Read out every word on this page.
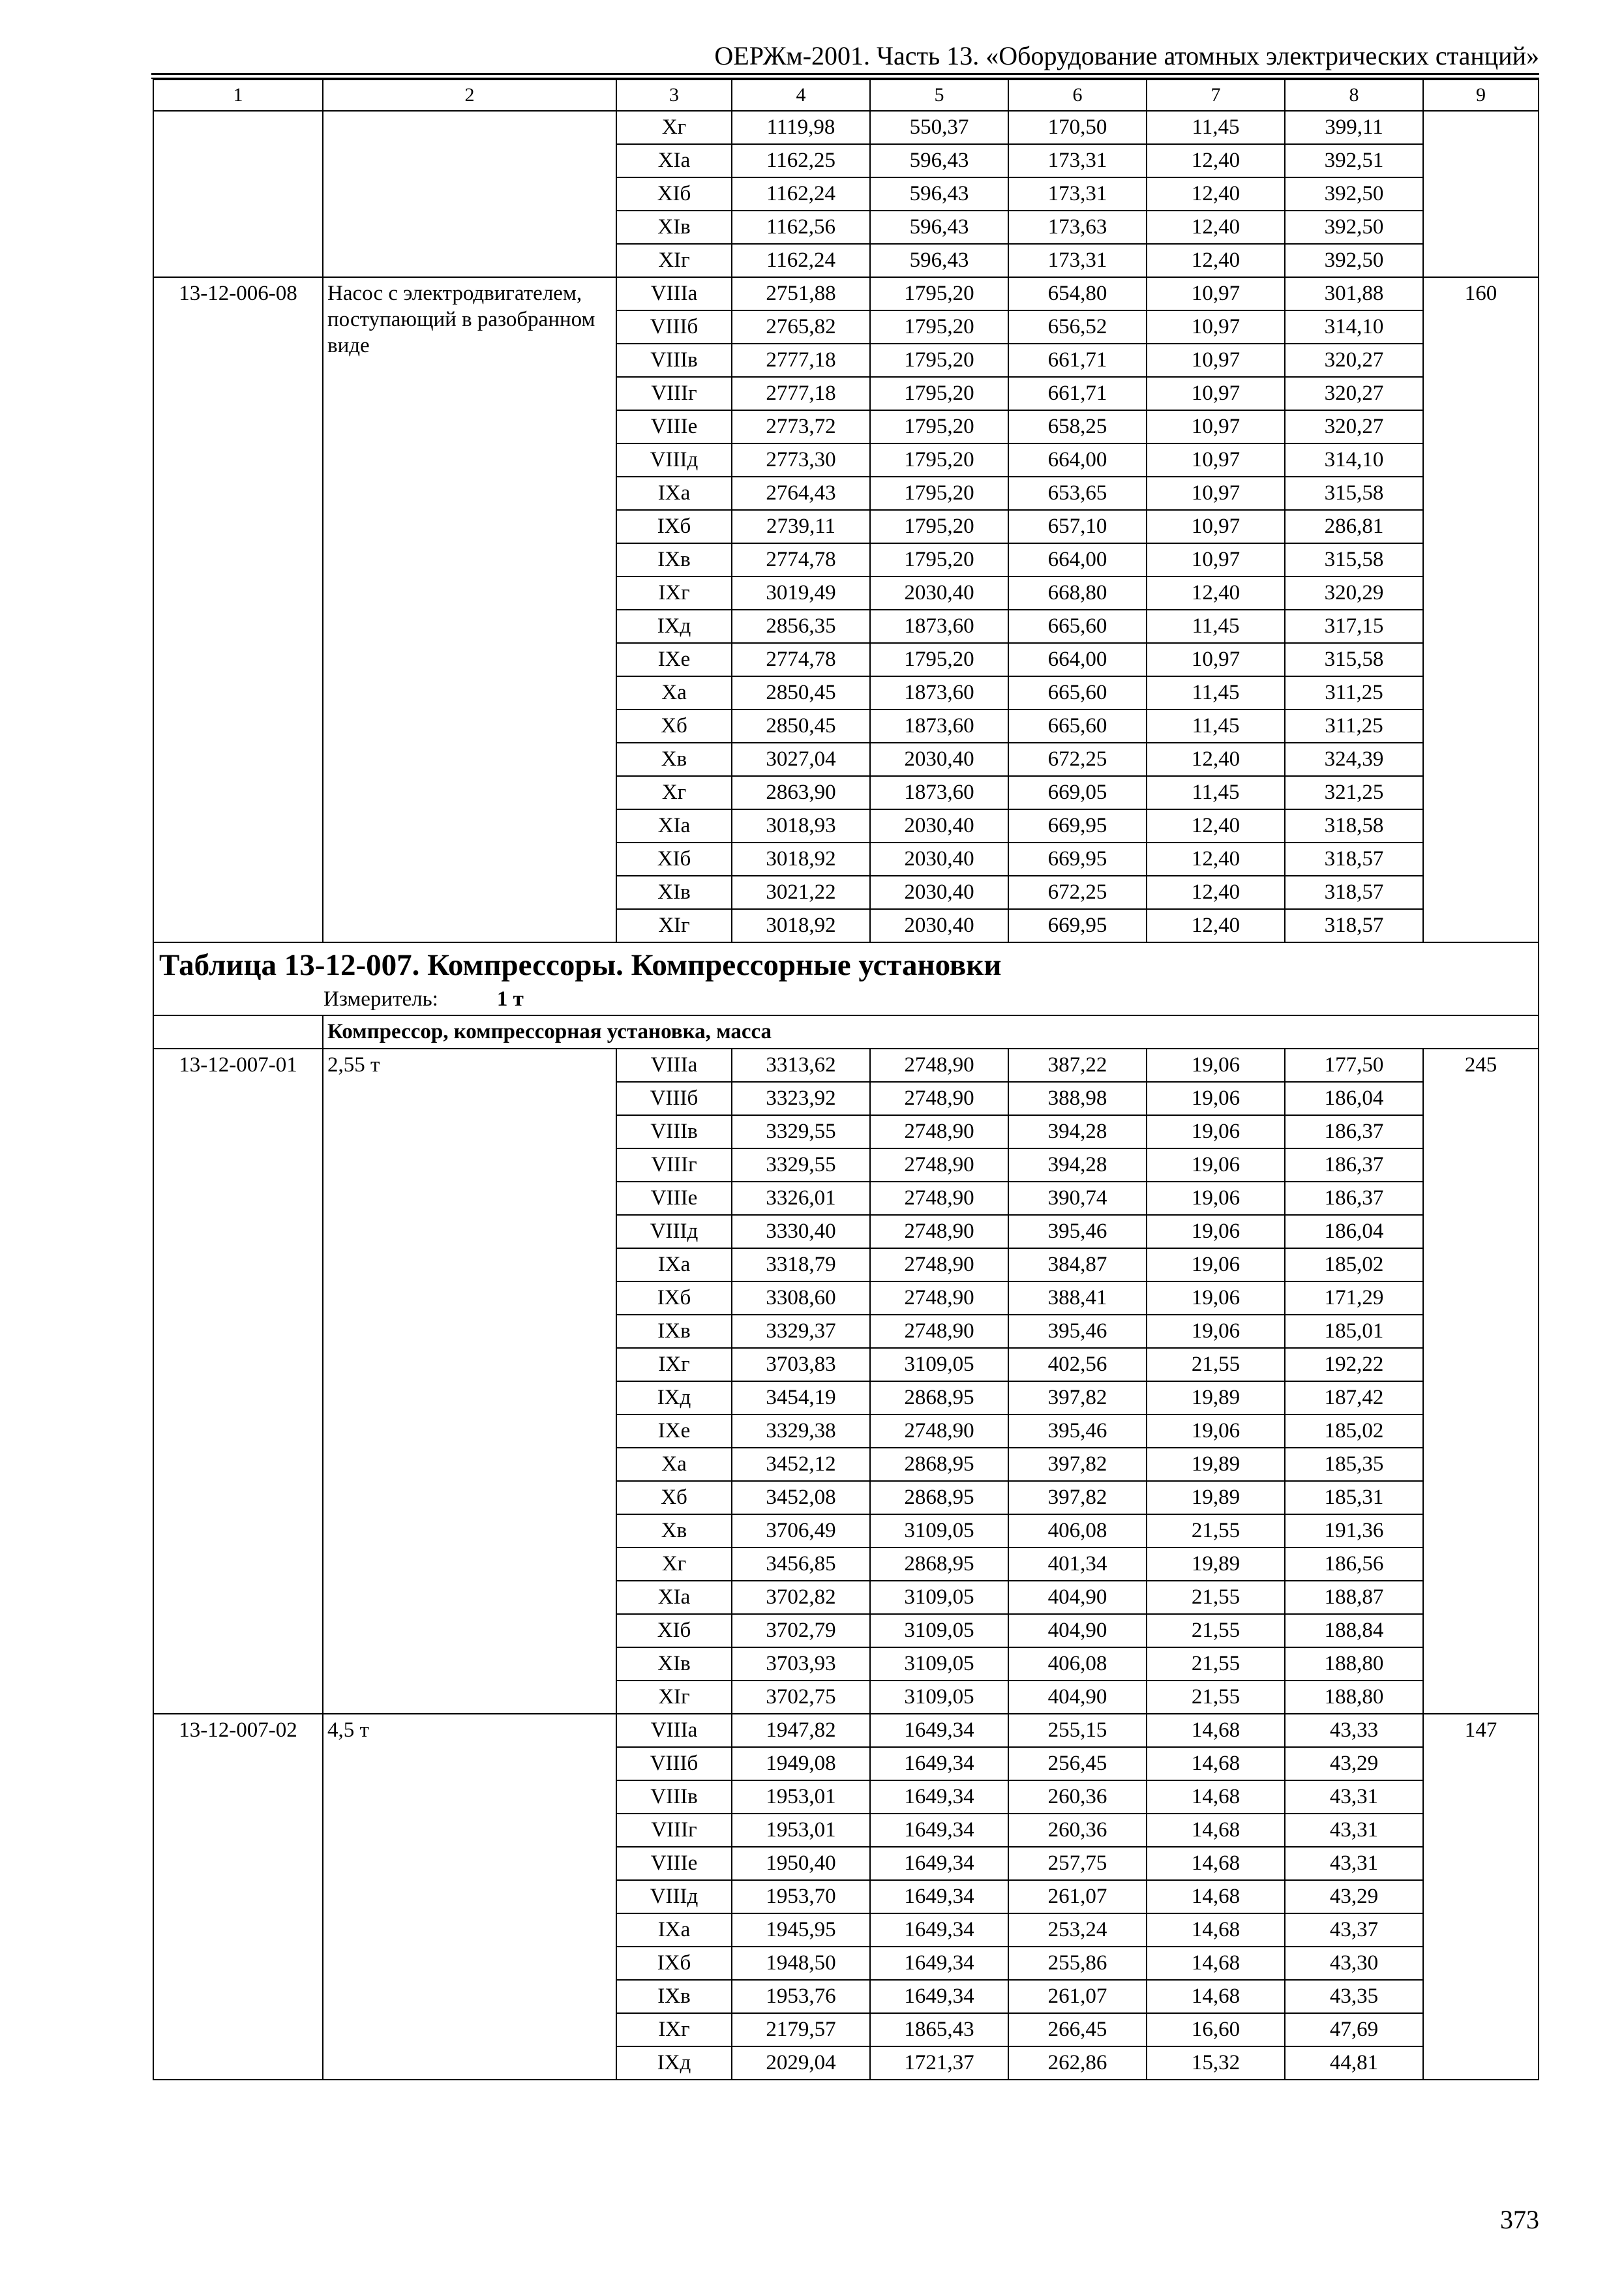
ОЕРЖм-2001. Часть 13. «Оборудование атомных электрических станций»
1	2	3	4	5	6	7	8	9
		Xг	1119,98	550,37	170,50	11,45	399,11	
		XIа	1162,25	596,43	173,31	12,40	392,51	
		XIб	1162,24	596,43	173,31	12,40	392,50	
		XIв	1162,56	596,43	173,63	12,40	392,50	
		XIг	1162,24	596,43	173,31	12,40	392,50	
13-12-006-08	Насос с электродвигателем, поступающий в разобранном виде	VIIIа	2751,88	1795,20	654,80	10,97	301,88	160
		VIIIб	2765,82	1795,20	656,52	10,97	314,10	
		VIIIв	2777,18	1795,20	661,71	10,97	320,27	
		VIIIг	2777,18	1795,20	661,71	10,97	320,27	
		VIIIе	2773,72	1795,20	658,25	10,97	320,27	
		VIIIд	2773,30	1795,20	664,00	10,97	314,10	
		IXа	2764,43	1795,20	653,65	10,97	315,58	
		IXб	2739,11	1795,20	657,10	10,97	286,81	
		IXв	2774,78	1795,20	664,00	10,97	315,58	
		IXг	3019,49	2030,40	668,80	12,40	320,29	
		IXд	2856,35	1873,60	665,60	11,45	317,15	
		IXе	2774,78	1795,20	664,00	10,97	315,58	
		Xа	2850,45	1873,60	665,60	11,45	311,25	
		Xб	2850,45	1873,60	665,60	11,45	311,25	
		Xв	3027,04	2030,40	672,25	12,40	324,39	
		Xг	2863,90	1873,60	669,05	11,45	321,25	
		XIа	3018,93	2030,40	669,95	12,40	318,58	
		XIб	3018,92	2030,40	669,95	12,40	318,57	
		XIв	3021,22	2030,40	672,25	12,40	318,57	
		XIг	3018,92	2030,40	669,95	12,40	318,57	

Таблица 13-12-007. Компрессоры. Компрессорные установки
Измеритель: 1 т								

	Компрессор, компрессорная установка, масса							
13-12-007-01	2,55 т	VIIIа	3313,62	2748,90	387,22	19,06	177,50	245
		VIIIб	3323,92	2748,90	388,98	19,06	186,04	
		VIIIв	3329,55	2748,90	394,28	19,06	186,37	
		VIIIг	3329,55	2748,90	394,28	19,06	186,37	
		VIIIе	3326,01	2748,90	390,74	19,06	186,37	
		VIIIд	3330,40	2748,90	395,46	19,06	186,04	
		IXа	3318,79	2748,90	384,87	19,06	185,02	
		IXб	3308,60	2748,90	388,41	19,06	171,29	
		IXв	3329,37	2748,90	395,46	19,06	185,01	
		IXг	3703,83	3109,05	402,56	21,55	192,22	
		IXд	3454,19	2868,95	397,82	19,89	187,42	
		IXе	3329,38	2748,90	395,46	19,06	185,02	
		Xа	3452,12	2868,95	397,82	19,89	185,35	
		Xб	3452,08	2868,95	397,82	19,89	185,31	
		Xв	3706,49	3109,05	406,08	21,55	191,36	
		Xг	3456,85	2868,95	401,34	19,89	186,56	
		XIа	3702,82	3109,05	404,90	21,55	188,87	
		XIб	3702,79	3109,05	404,90	21,55	188,84	
		XIв	3703,93	3109,05	406,08	21,55	188,80	
		XIг	3702,75	3109,05	404,90	21,55	188,80	
13-12-007-02	4,5 т	VIIIа	1947,82	1649,34	255,15	14,68	43,33	147
		VIIIб	1949,08	1649,34	256,45	14,68	43,29	
		VIIIв	1953,01	1649,34	260,36	14,68	43,31	
		VIIIг	1953,01	1649,34	260,36	14,68	43,31	
		VIIIе	1950,40	1649,34	257,75	14,68	43,31	
		VIIIд	1953,70	1649,34	261,07	14,68	43,29	
		IXа	1945,95	1649,34	253,24	14,68	43,37	
		IXб	1948,50	1649,34	255,86	14,68	43,30	
		IXв	1953,76	1649,34	261,07	14,68	43,35	
		IXг	2179,57	1865,43	266,45	16,60	47,69	
		IXд	2029,04	1721,37	262,86	15,32	44,81	
373
